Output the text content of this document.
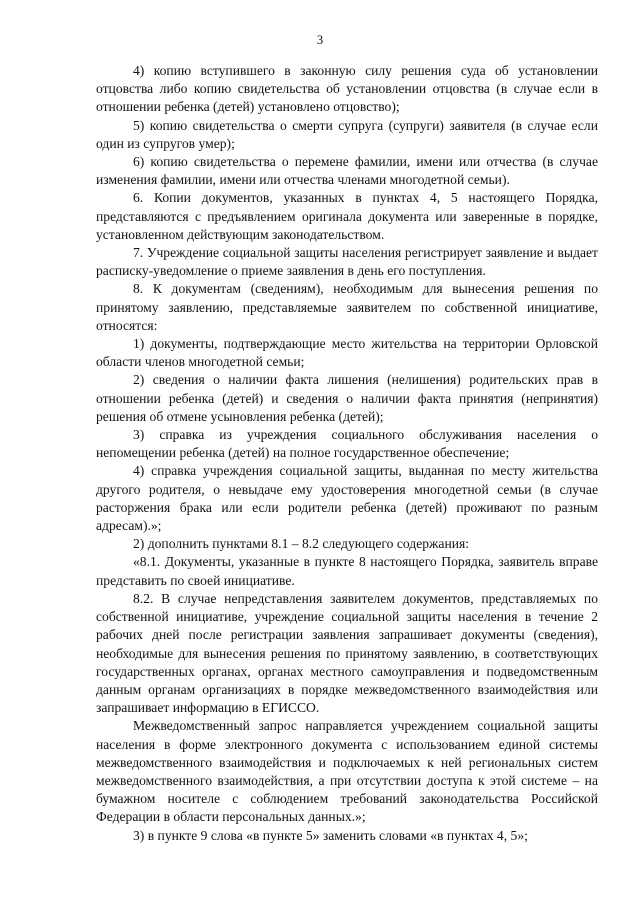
3

4) копию вступившего в законную силу решения суда об установлении отцовства либо копию свидетельства об установлении отцовства (в случае если в отношении ребенка (детей) установлено отцовство);

5) копию свидетельства о смерти супруга (супруги) заявителя (в случае если один из супругов умер);

6) копию свидетельства о перемене фамилии, имени или отчества (в случае изменения фамилии, имени или отчества членами многодетной семьи).

6. Копии документов, указанных в пунктах 4, 5 настоящего Порядка, представляются с предъявлением оригинала документа или заверенные в порядке, установленном действующим законодательством.

7. Учреждение социальной защиты населения регистрирует заявление и выдает расписку-уведомление о приеме заявления в день его поступления.

8. К документам (сведениям), необходимым для вынесения решения по принятому заявлению, представляемые заявителем по собственной инициативе, относятся:

1) документы, подтверждающие место жительства на территории Орловской области членов многодетной семьи;

2) сведения о наличии факта лишения (нелишения) родительских прав в отношении ребенка (детей) и сведения о наличии факта принятия (непринятия) решения об отмене усыновления ребенка (детей);

3) справка из учреждения социального обслуживания населения о непомещении ребенка (детей) на полное государственное обеспечение;

4) справка учреждения социальной защиты, выданная по месту жительства другого родителя, о невыдаче ему удостоверения многодетной семьи (в случае расторжения брака или если родители ребенка (детей) проживают по разным адресам).»;

2) дополнить пунктами 8.1 – 8.2 следующего содержания:

«8.1. Документы, указанные в пункте 8 настоящего Порядка, заявитель вправе представить по своей инициативе.

8.2. В случае непредставления заявителем документов, представляемых по собственной инициативе, учреждение социальной защиты населения в течение 2 рабочих дней после регистрации заявления запрашивает документы (сведения), необходимые для вынесения решения по принятому заявлению, в соответствующих государственных органах, органах местного самоуправления и подведомственным данным органам организациях в порядке межведомственного взаимодействия или запрашивает информацию в ЕГИССО.

Межведомственный запрос направляется учреждением социальной защиты населения в форме электронного документа с использованием единой системы межведомственного взаимодействия и подключаемых к ней региональных систем межведомственного взаимодействия, а при отсутствии доступа к этой системе – на бумажном носителе с соблюдением требований законодательства Российской Федерации в области персональных данных.»;

3) в пункте 9 слова «в пункте 5» заменить словами «в пунктах 4, 5»;
